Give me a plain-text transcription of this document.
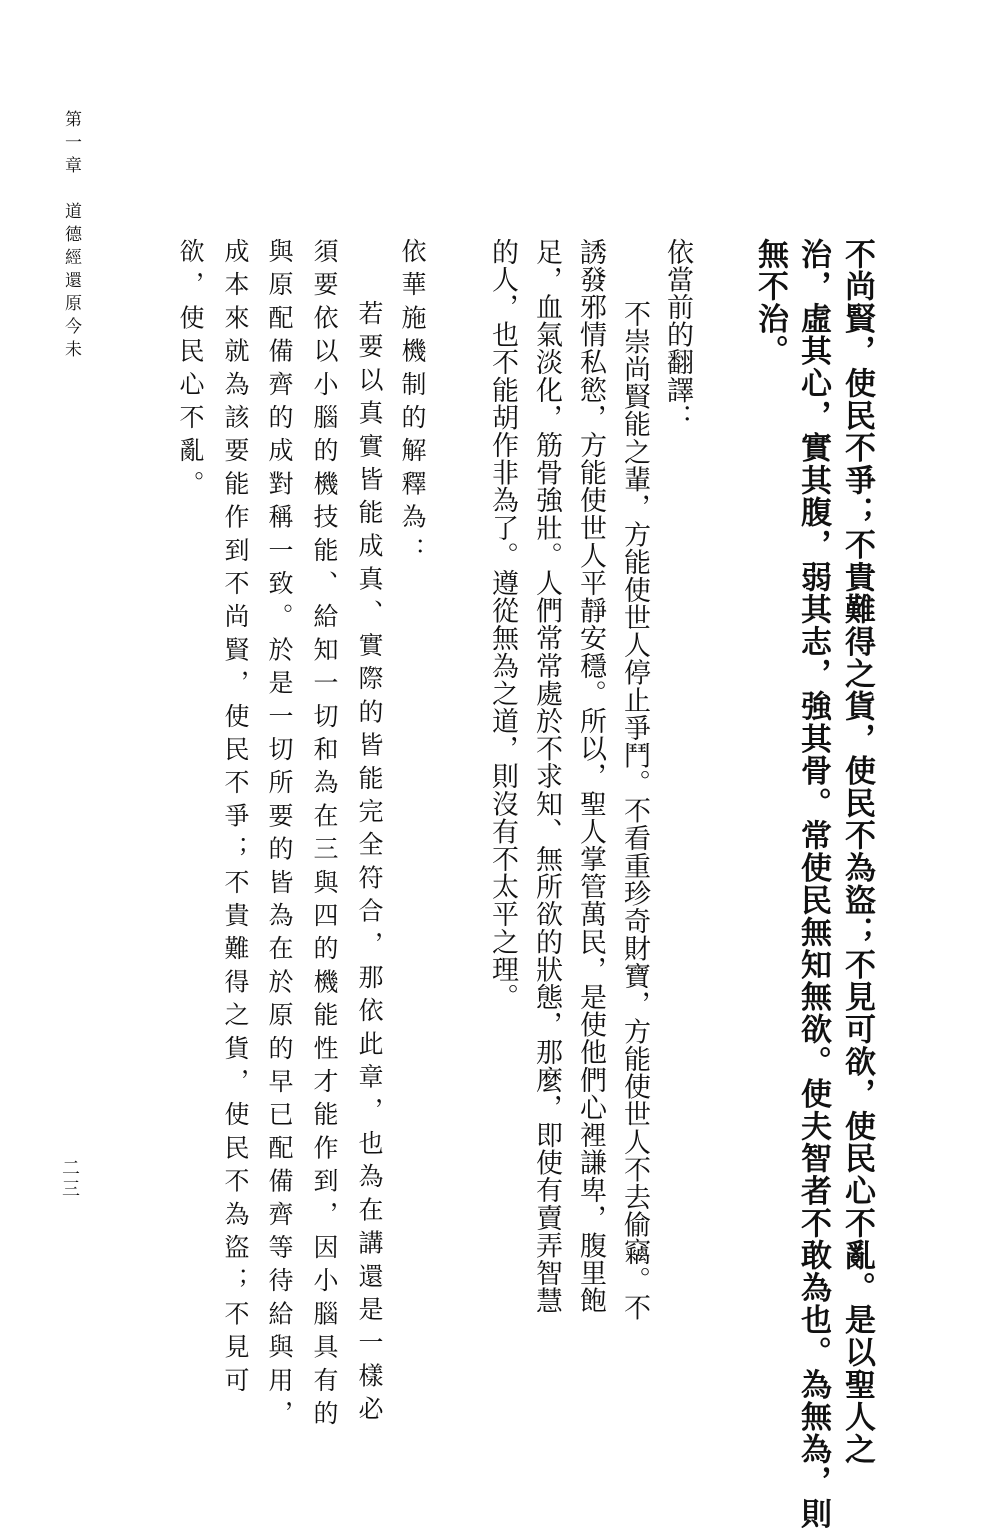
第一章　道德經還原今未
二三	不尚賢，使民不爭；不貴難得之貨，使民不為盜；不見可欲，使民心不亂。是以聖人之
治，虛其心，實其腹，弱其志，強其骨。常使民無知無欲。使夫智者不敢為也。為無為，則
無不治。
依當前的翻譯：
不崇尚賢能之輩，方能使世人停止爭鬥。不看重珍奇財寶，方能使世人不去偷竊。不
誘發邪情私慾，方能使世人平靜安穩。所以，聖人掌管萬民，是使他們心裡謙卑，腹里飽
足，血氣淡化，筋骨強壯。人們常常處於不求知、無所欲的狀態，那麼，即使有賣弄智慧
的人，也不能胡作非為了。遵從無為之道，則沒有不太平之理。
依華施機制的解釋為：
若要以真實皆能成真、實際的皆能完全符合，那依此章，也為在講還是一樣必
須要依以小腦的機技能、給知一切和為在三與四的機能性才能作到，因小腦具有的
與原配備齊的成對稱一致。於是一切所要的皆為在於原的早已配備齊等待給與用，
成本來就為該要能作到不尚賢，使民不爭；不貴難得之貨，使民不為盜；不見可
欲，使民心不亂。
